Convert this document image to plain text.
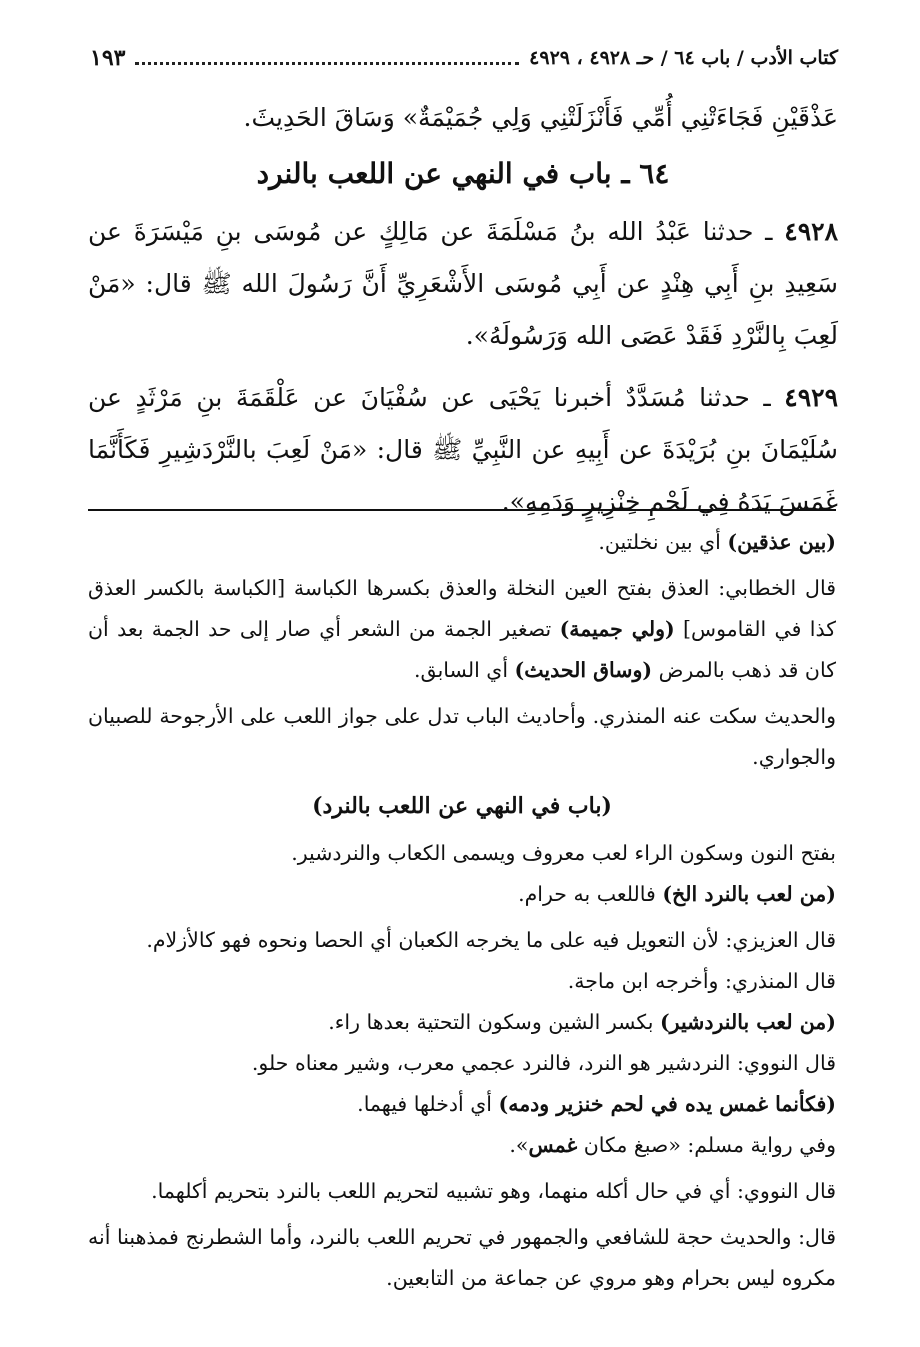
كتاب الأدب / باب ٦٤ / حـ ٤٩٢٨ ، ٤٩٢٩
١٩٣

عَذْقَيْنِ فَجَاءَتْنِي أُمِّي فَأَنْزَلَتْنِي وَلِي جُمَيْمَةٌ» وَسَاقَ الحَدِيثَ.

٦٤ ـ باب في النهي عن اللعب بالنرد

٤٩٢٨ ـ حدثنا عَبْدُ الله بنُ مَسْلَمَةَ عن مَالِكٍ عن مُوسَى بنِ مَيْسَرَةَ عن سَعِيدِ بنِ أَبِي هِنْدٍ عن أَبِي مُوسَى الأَشْعَرِيِّ أَنَّ رَسُولَ الله ﷺ قال: «مَنْ لَعِبَ بِالنَّرْدِ فَقَدْ عَصَى الله وَرَسُولَهُ».

٤٩٢٩ ـ حدثنا مُسَدَّدٌ أخبرنا يَحْيَى عن سُفْيَانَ عن عَلْقَمَةَ بنِ مَرْثَدٍ عن سُلَيْمَانَ بنِ بُرَيْدَةَ عن أَبِيهِ عن النَّبِيِّ ﷺ قال: «مَنْ لَعِبَ بالنَّرْدَشِيرِ فَكَأَنَّمَا غَمَسَ يَدَهُ فِي لَحْمِ خِنْزِيرٍ وَدَمِهِ».

(بين عذقين) أي بين نخلتين.

قال الخطابي: العذق بفتح العين النخلة والعذق بكسرها الكباسة [الكباسة بالكسر العذق كذا في القاموس] (ولي جميمة) تصغير الجمة من الشعر أي صار إلى حد الجمة بعد أن كان قد ذهب بالمرض (وساق الحديث) أي السابق.

والحديث سكت عنه المنذري. وأحاديث الباب تدل على جواز اللعب على الأرجوحة للصبيان والجواري.

(باب في النهي عن اللعب بالنرد)

بفتح النون وسكون الراء لعب معروف ويسمى الكعاب والنردشير.

(من لعب بالنرد الخ) فاللعب به حرام.

قال العزيزي: لأن التعويل فيه على ما يخرجه الكعبان أي الحصا ونحوه فهو كالأزلام.

قال المنذري: وأخرجه ابن ماجة.

(من لعب بالنردشير) بكسر الشين وسكون التحتية بعدها راء.

قال النووي: النردشير هو النرد، فالنرد عجمي معرب، وشير معناه حلو.

(فكأنما غمس يده في لحم خنزير ودمه) أي أدخلها فيهما.

وفي رواية مسلم: «صبغ مكان غمس».

قال النووي: أي في حال أكله منهما، وهو تشبيه لتحريم اللعب بالنرد بتحريم أكلهما.

قال: والحديث حجة للشافعي والجمهور في تحريم اللعب بالنرد، وأما الشطرنج فمذهبنا أنه مكروه ليس بحرام وهو مروي عن جماعة من التابعين.
